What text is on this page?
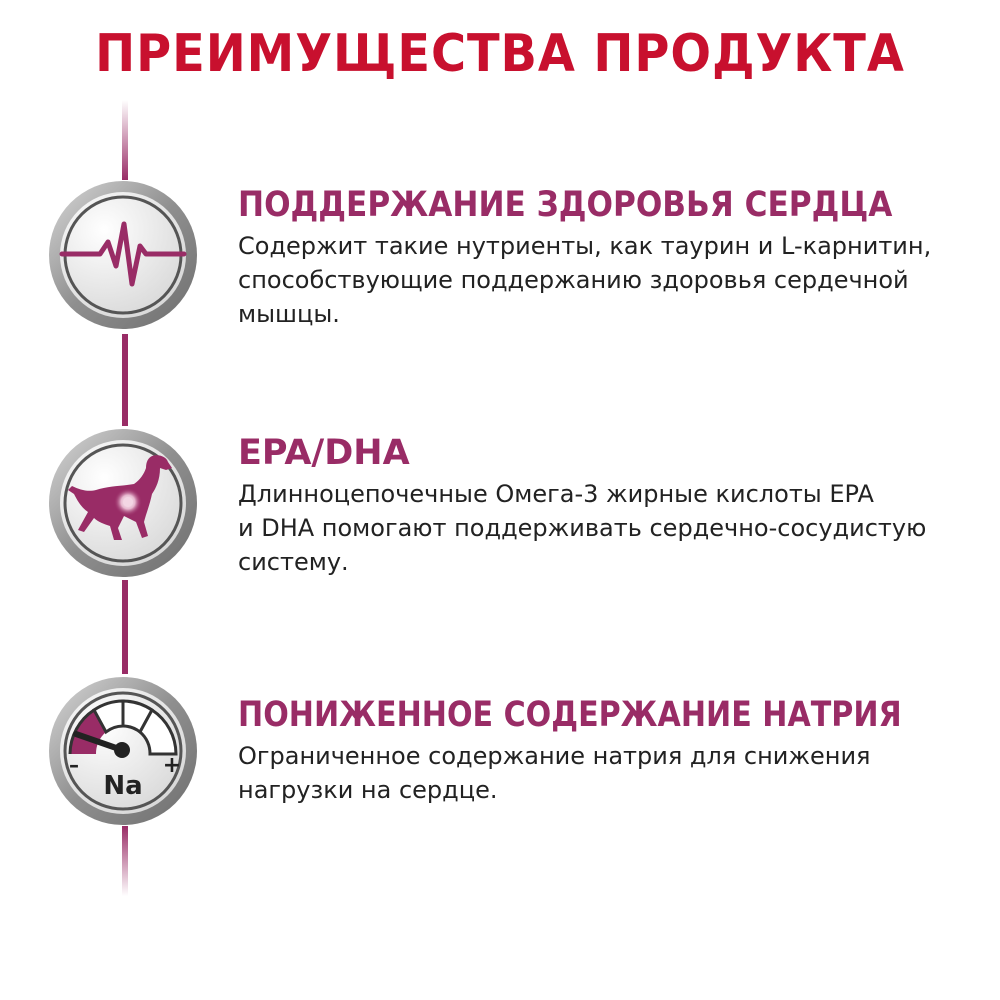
ПРЕИМУЩЕСТВА ПРОДУКТА
ПОДДЕРЖАНИЕ ЗДОРОВЬЯ СЕРДЦА
Содержит такие нутриенты, как таурин и L-карнитин,
способствующие поддержанию здоровья сердечной
мышцы.
EPA/DHA
Длинноцепочечные Омега-3 жирные кислоты EPA
и DHA помогают поддерживать сердечно-сосудистую
систему.
–	+
Na
ПОНИЖЕННОЕ СОДЕРЖАНИЕ НАТРИЯ
Ограниченное содержание натрия для снижения
нагрузки на сердце.
